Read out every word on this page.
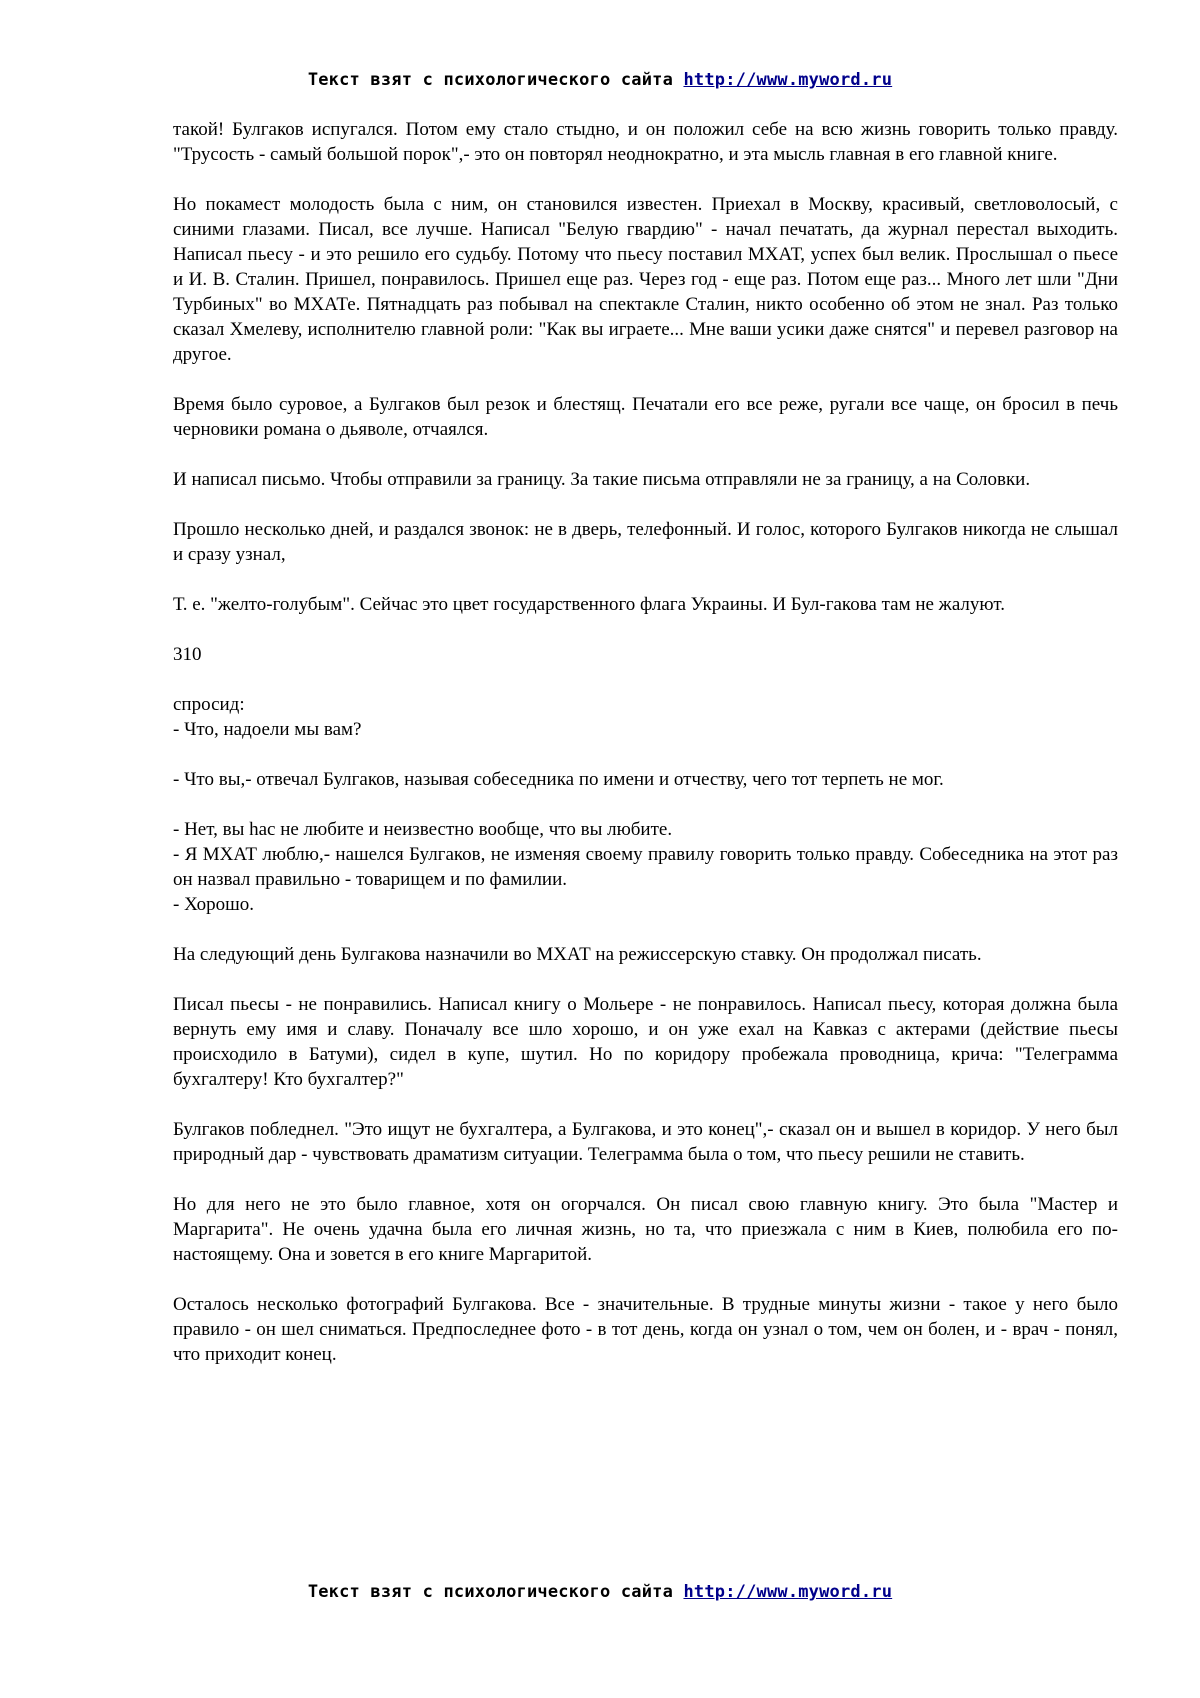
Текст взят с психологического сайта http://www.myword.ru

такой! Булгаков испугался. Потом ему стало стыдно, и он положил себе на всю жизнь говорить только правду. "Трусость - самый большой порок",- это он повторял неоднократно, и эта мысль главная в его главной книге.

Но покамест молодость была с ним, он становился известен. Приехал в Москву, красивый, светловолосый, с синими глазами. Писал, все лучше. Написал "Белую гвардию" - начал печатать, да журнал перестал выходить. Написал пьесу - и это решило его судьбу. Потому что пьесу поставил МХАТ, успех был велик. Прослышал о пьесе и И. В. Сталин. Пришел, понравилось. Пришел еще раз. Через год - еще раз. Потом еще раз... Много лет шли "Дни Турбиных" во МХАТе. Пятнадцать раз побывал на спектакле Сталин, никто особенно об этом не знал. Раз только сказал Хмелеву, исполнителю главной роли: "Как вы играете... Мне ваши усики даже снятся" и перевел разговор на другое.

Время было суровое, а Булгаков был резок и блестящ. Печатали его все реже, ругали все чаще, он бросил в печь черновики романа о дьяволе, отчаялся.

И написал письмо. Чтобы отправили за границу. За такие письма отправляли не за границу, а на Соловки.

Прошло несколько дней, и раздался звонок: не в дверь, телефонный. И голос, которого Булгаков никогда не слышал и сразу узнал,

Т. е. "желто-голубым". Сейчас это цвет государственного флага Украины. И Бул-гакова там не жалуют.

310

спросид:

- Что, надоели мы вам?

- Что вы,- отвечал Булгаков, называя собеседника по имени и отчеству, чего тот терпеть не мог.

- Нет, вы hас не любите и неизвестно вообще, что вы любите.

- Я МХАТ люблю,- нашелся Булгаков, не изменяя своему правилу говорить только правду. Собеседника на этот раз он назвал правильно - товарищем и по фамилии.

- Хорошо.

На следующий день Булгакова назначили во МХАТ на режиссерскую ставку. Он продолжал писать.

Писал пьесы - не понравились. Написал книгу о Мольере - не понравилось. Написал пьесу, которая должна была вернуть ему имя и славу. Поначалу все шло хорошо, и он уже ехал на Кавказ с актерами (действие пьесы происходило в Батуми), сидел в купе, шутил. Но по коридору пробежала проводница, крича: "Телеграмма бухгалтеру! Кто бухгалтер?"

Булгаков побледнел. "Это ищут не бухгалтера, а Булгакова, и это конец",- сказал он и вышел в коридор. У него был природный дар - чувствовать драматизм ситуации. Телеграмма была о том, что пьесу решили не ставить.

Но для него не это было главное, хотя он огорчался. Он писал свою главную книгу. Это была "Мастер и Маргарита". Не очень удачна была его личная жизнь, но та, что приезжала с ним в Киев, полюбила его по-настоящему. Она и зовется в его книге Маргаритой.

Осталось несколько фотографий Булгакова. Все - значительные. В трудные минуты жизни - такое у него было правило - он шел сниматься. Предпоследнее фото - в тот день, когда он узнал о том, чем он болен, и - врач - понял, что приходит конец.

Текст взят с психологического сайта http://www.myword.ru
